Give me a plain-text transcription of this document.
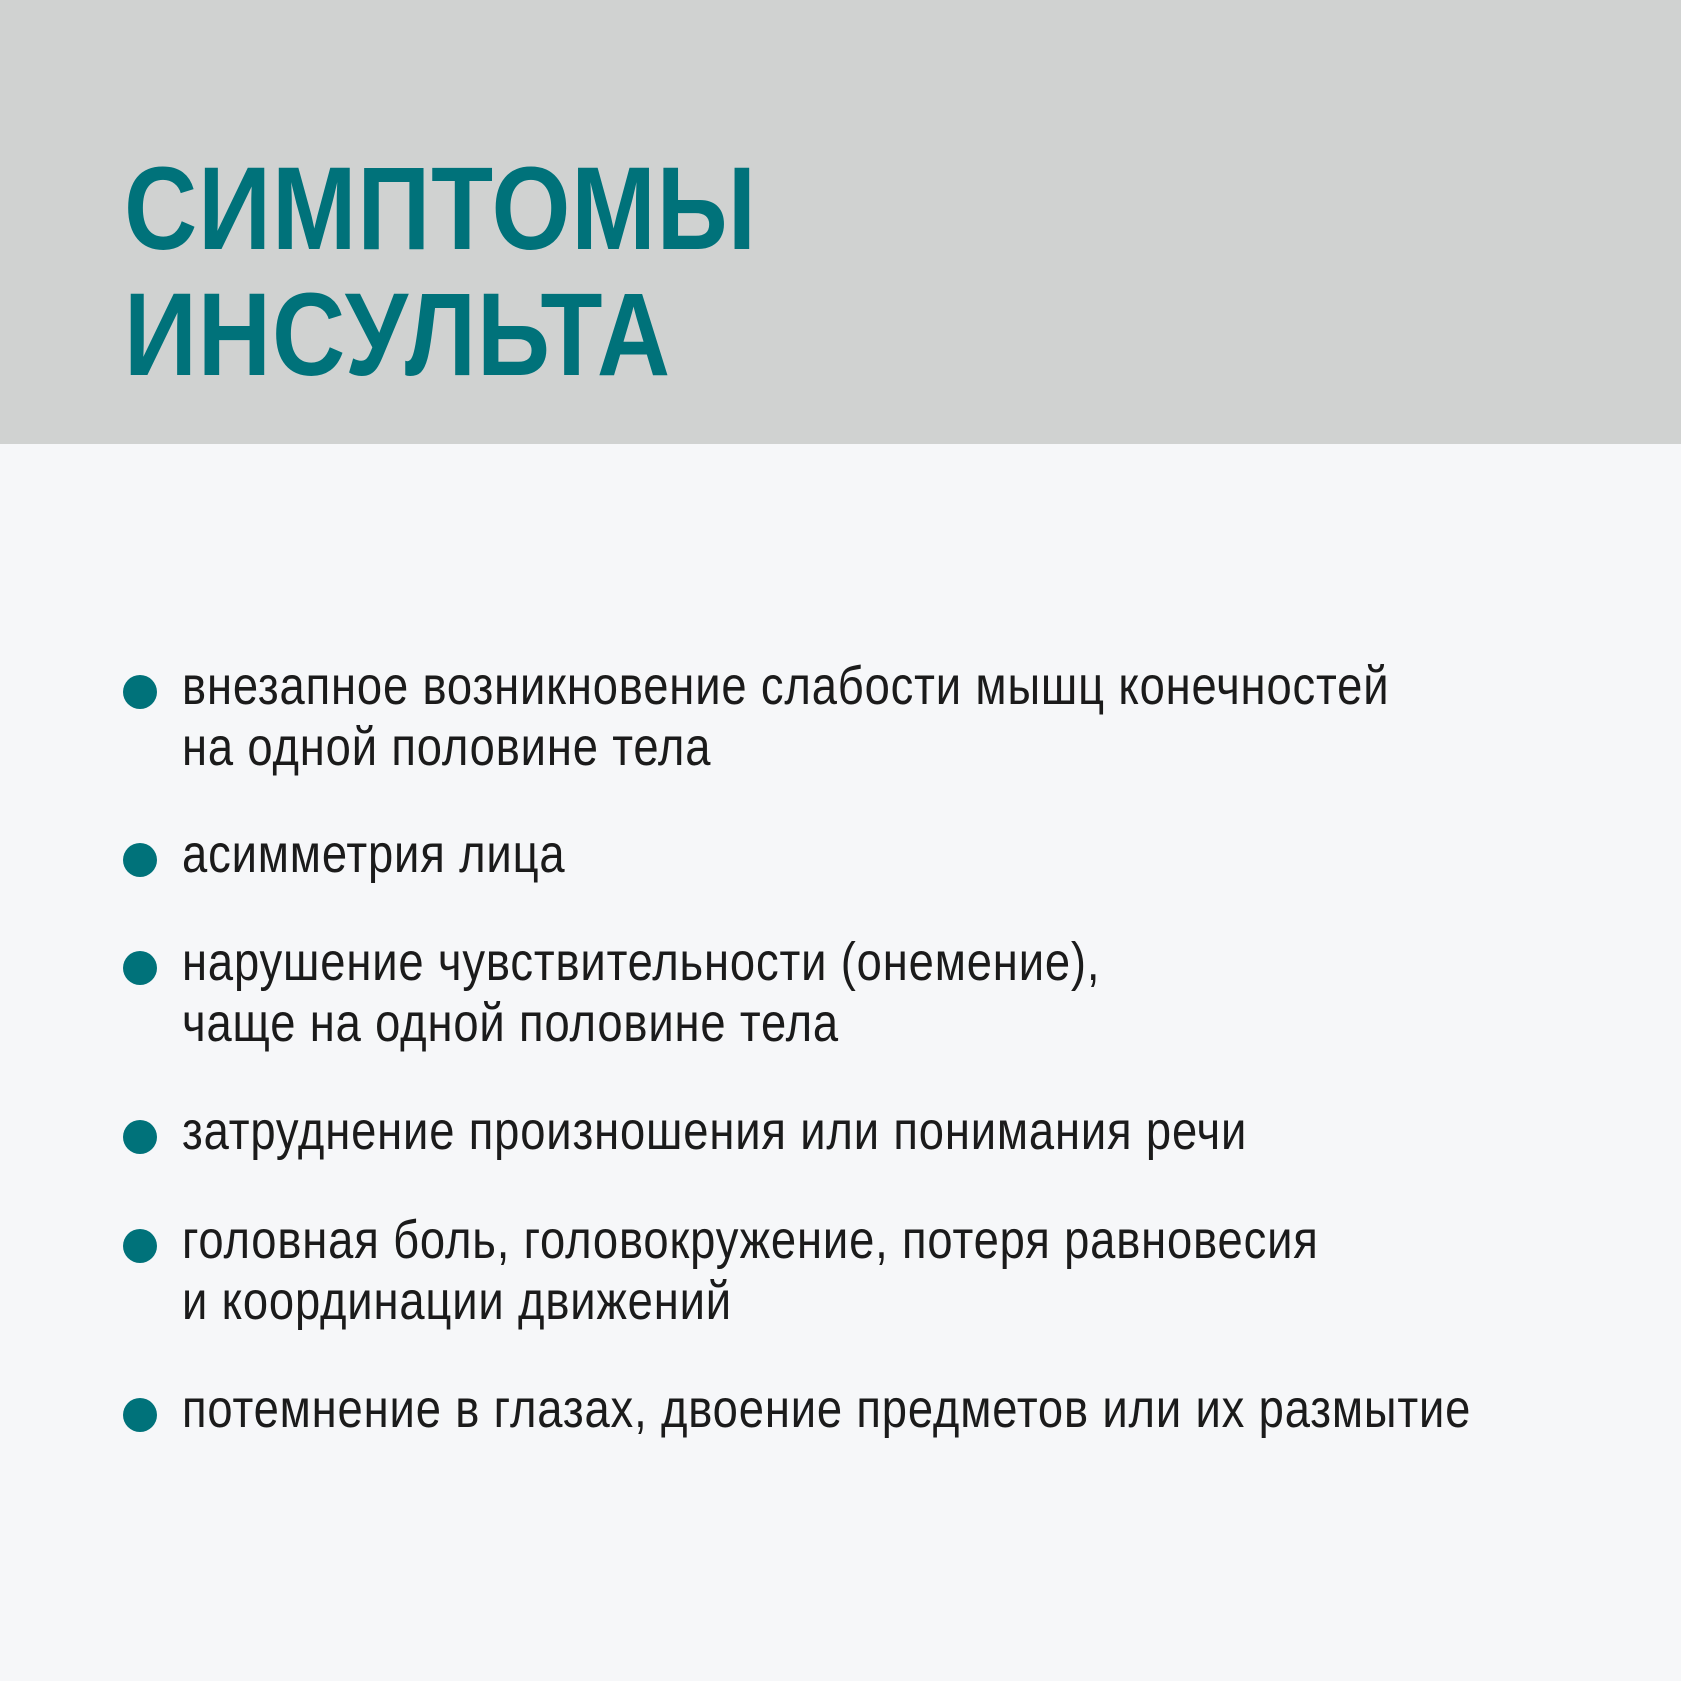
СИМПТОМЫ
ИНСУЛЬТА

внезапное возникновение слабости мышц конечностей
на одной половине тела

асимметрия лица

нарушение чувствительности (онемение),
чаще на одной половине тела

затруднение произношения или понимания речи

головная боль, головокружение, потеря равновесия
и координации движений

потемнение в глазах, двоение предметов или их размытие
